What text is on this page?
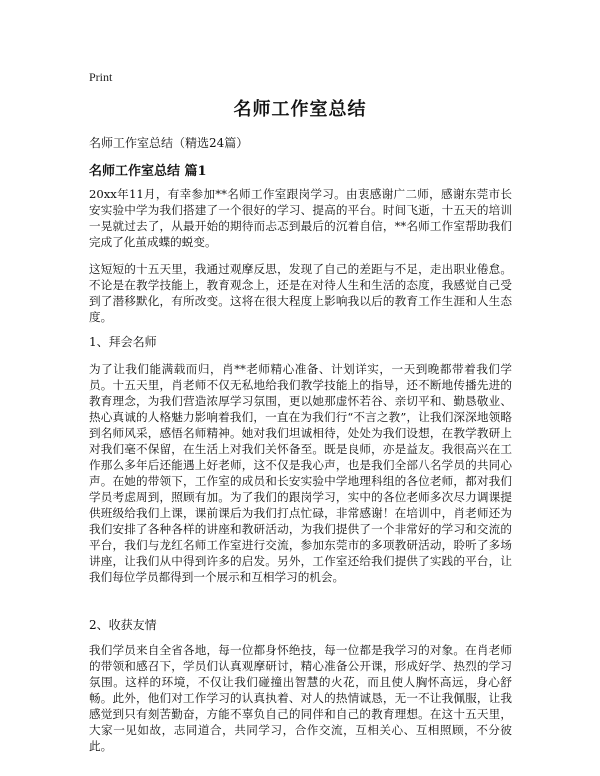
Print
名师工作室总结
名师工作室总结（精选24篇）
名师工作室总结 篇1

20xx年11月，有幸参加**名师工作室跟岗学习。由衷感谢广二师，感谢东莞市长安实验中学为我们搭建了一个很好的学习、提高的平台。时间飞逝，十五天的培训一晃就过去了，从最开始的期待而忐忑到最后的沉着自信，**名师工作室帮助我们完成了化茧成蝶的蜕变。

这短短的十五天里，我通过观摩反思，发现了自己的差距与不足，走出职业倦怠。不论是在教学技能上，教育观念上，还是在对待人生和生活的态度，我感觉自己受到了潜移默化，有所改变。这将在很大程度上影响我以后的教育工作生涯和人生态度。

1、拜会名师

为了让我们能满载而归，肖**老师精心准备、计划详实，一天到晚都带着我们学员。十五天里，肖老师不仅无私地给我们教学技能上的指导，还不断地传播先进的教育理念，为我们营造浓厚学习氛围，更以她那虚怀若谷、亲切平和、勤恳敬业、热心真诚的人格魅力影响着我们，一直在为我们行“不言之教”，让我们深深地领略到名师风采，感悟名师精神。她对我们坦诚相待，处处为我们设想，在教学教研上对我们毫不保留，在生活上对我们关怀备至。既是良师，亦是益友。我很高兴在工作那么多年后还能遇上好老师，这不仅是我心声，也是我们全部八名学员的共同心声。在她的带领下，工作室的成员和长安实验中学地理科组的各位老师，都对我们学员考虑周到，照顾有加。为了我们的跟岗学习，实中的各位老师多次尽力调课提供班级给我们上课，课前课后为我们打点忙碌，非常感谢！在培训中，肖老师还为我们安排了各种各样的讲座和教研活动，为我们提供了一个非常好的学习和交流的平台，我们与龙红名师工作室进行交流，参加东莞市的多项教研活动，聆听了多场讲座，让我们从中得到许多的启发。另外，工作室还给我们提供了实践的平台，让我们每位学员都得到一个展示和互相学习的机会。

2、收获友情

我们学员来自全省各地，每一位都身怀绝技，每一位都是我学习的对象。在肖老师的带领和感召下，学员们认真观摩研讨，精心准备公开课，形成好学、热烈的学习氛围。这样的环境，不仅让我们碰撞出智慧的火花，而且使人胸怀高远，身心舒畅。此外，他们对工作学习的认真执着、对人的热情诚恳，无一不让我佩服，让我感觉到只有刻苦勤奋，方能不辜负自己的同伴和自己的教育理想。在这十五天里，大家一见如故，志同道合，共同学习，合作交流，互相关心、互相照顾，不分彼此。
